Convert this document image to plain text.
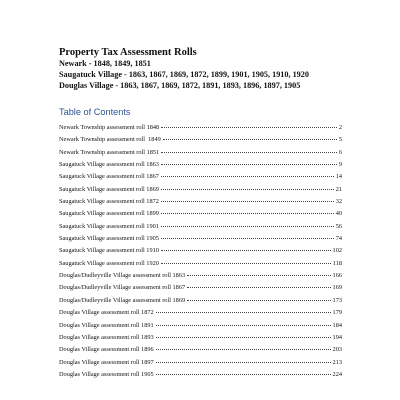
Property Tax Assessment Rolls
Newark - 1848, 1849, 1851
Saugatuck Village - 1863, 1867, 1869, 1872, 1899, 1901, 1905, 1910, 1920
Douglas Village - 1863, 1867, 1869, 1872, 1891, 1893, 1896, 1897, 1905
Table of Contents
Newark Township assessment roll 1848	2
Newark Township assessment roll  1849	5
Newark Township assessment roll 1851	6
Saugatuck Village assessment roll 1863	9
Saugatuck Village assessment roll 1867	14
Saugatuck Village assessment roll 1869	21
Saugatuck Village assessment roll 1872	32
Saugatuck Village assessment roll 1899	40
Saugatuck Village assessment roll 1901	56
Saugatuck Village assessment roll 1905	74
Saugatuck Village assessment roll 1910	102
Saugatuck Village assessment roll 1920	118
Douglas/Dudleyville Village assessment roll 1863	166
Douglas/Dudleyville Village assessment roll 1867	169
Douglas/Dudleyville Village assessment roll 1869	173
Douglas Village assessment roll 1872	179
Douglas Village assessment roll 1891	184
Douglas Village assessment roll 1893	194
Douglas Village assessment roll 1896	203
Douglas Village assessment roll 1897	213
Douglas Village assessment roll 1905	224
